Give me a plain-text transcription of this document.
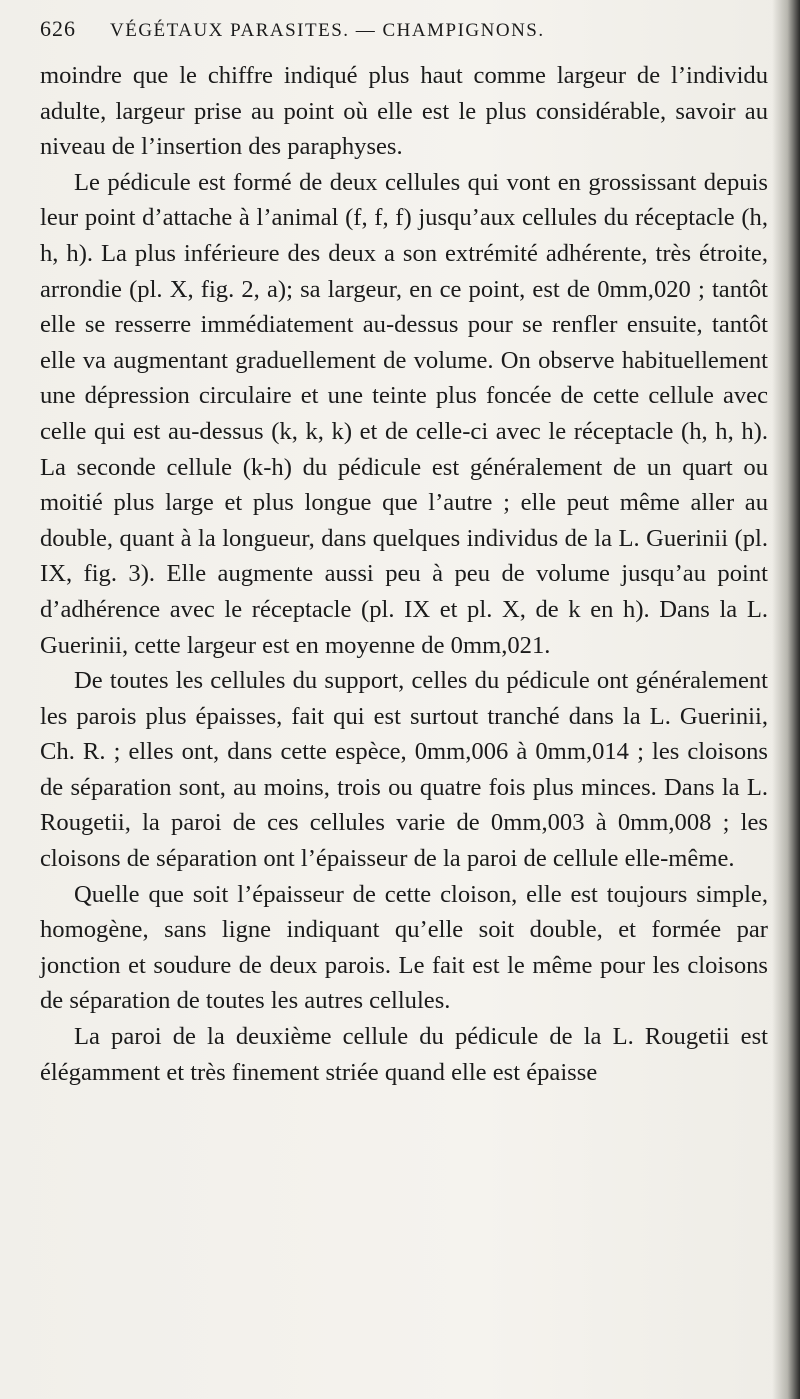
626 VÉGÉTAUX PARASITES. — CHAMPIGNONS.

moindre que le chiffre indiqué plus haut comme largeur de l’individu adulte, largeur prise au point où elle est le plus considérable, savoir au niveau de l’insertion des paraphyses.

Le pédicule est formé de deux cellules qui vont en grossissant depuis leur point d’attache à l’animal (f, f, f) jusqu’aux cellules du réceptacle (h, h, h). La plus inférieure des deux a son extrémité adhérente, très étroite, arrondie (pl. X, fig. 2, a); sa largeur, en ce point, est de 0mm,020 ; tantôt elle se resserre immédiatement au-dessus pour se renfler ensuite, tantôt elle va augmentant graduellement de volume. On observe habituellement une dépression circulaire et une teinte plus foncée de cette cellule avec celle qui est au-dessus (k, k, k) et de celle-ci avec le réceptacle (h, h, h). La seconde cellule (k-h) du pédicule est généralement de un quart ou moitié plus large et plus longue que l’autre ; elle peut même aller au double, quant à la longueur, dans quelques individus de la L. Guerinii (pl. IX, fig. 3). Elle augmente aussi peu à peu de volume jusqu’au point d’adhérence avec le réceptacle (pl. IX et pl. X, de k en h). Dans la L. Guerinii, cette largeur est en moyenne de 0mm,021.

De toutes les cellules du support, celles du pédicule ont généralement les parois plus épaisses, fait qui est surtout tranché dans la L. Guerinii, Ch. R. ; elles ont, dans cette espèce, 0mm,006 à 0mm,014 ; les cloisons de séparation sont, au moins, trois ou quatre fois plus minces. Dans la L. Rougetii, la paroi de ces cellules varie de 0mm,003 à 0mm,008 ; les cloisons de séparation ont l’épaisseur de la paroi de cellule elle-même.

Quelle que soit l’épaisseur de cette cloison, elle est toujours simple, homogène, sans ligne indiquant qu’elle soit double, et formée par jonction et soudure de deux parois. Le fait est le même pour les cloisons de séparation de toutes les autres cellules.

La paroi de la deuxième cellule du pédicule de la L. Rougetii est élégamment et très finement striée quand elle est épaisse
